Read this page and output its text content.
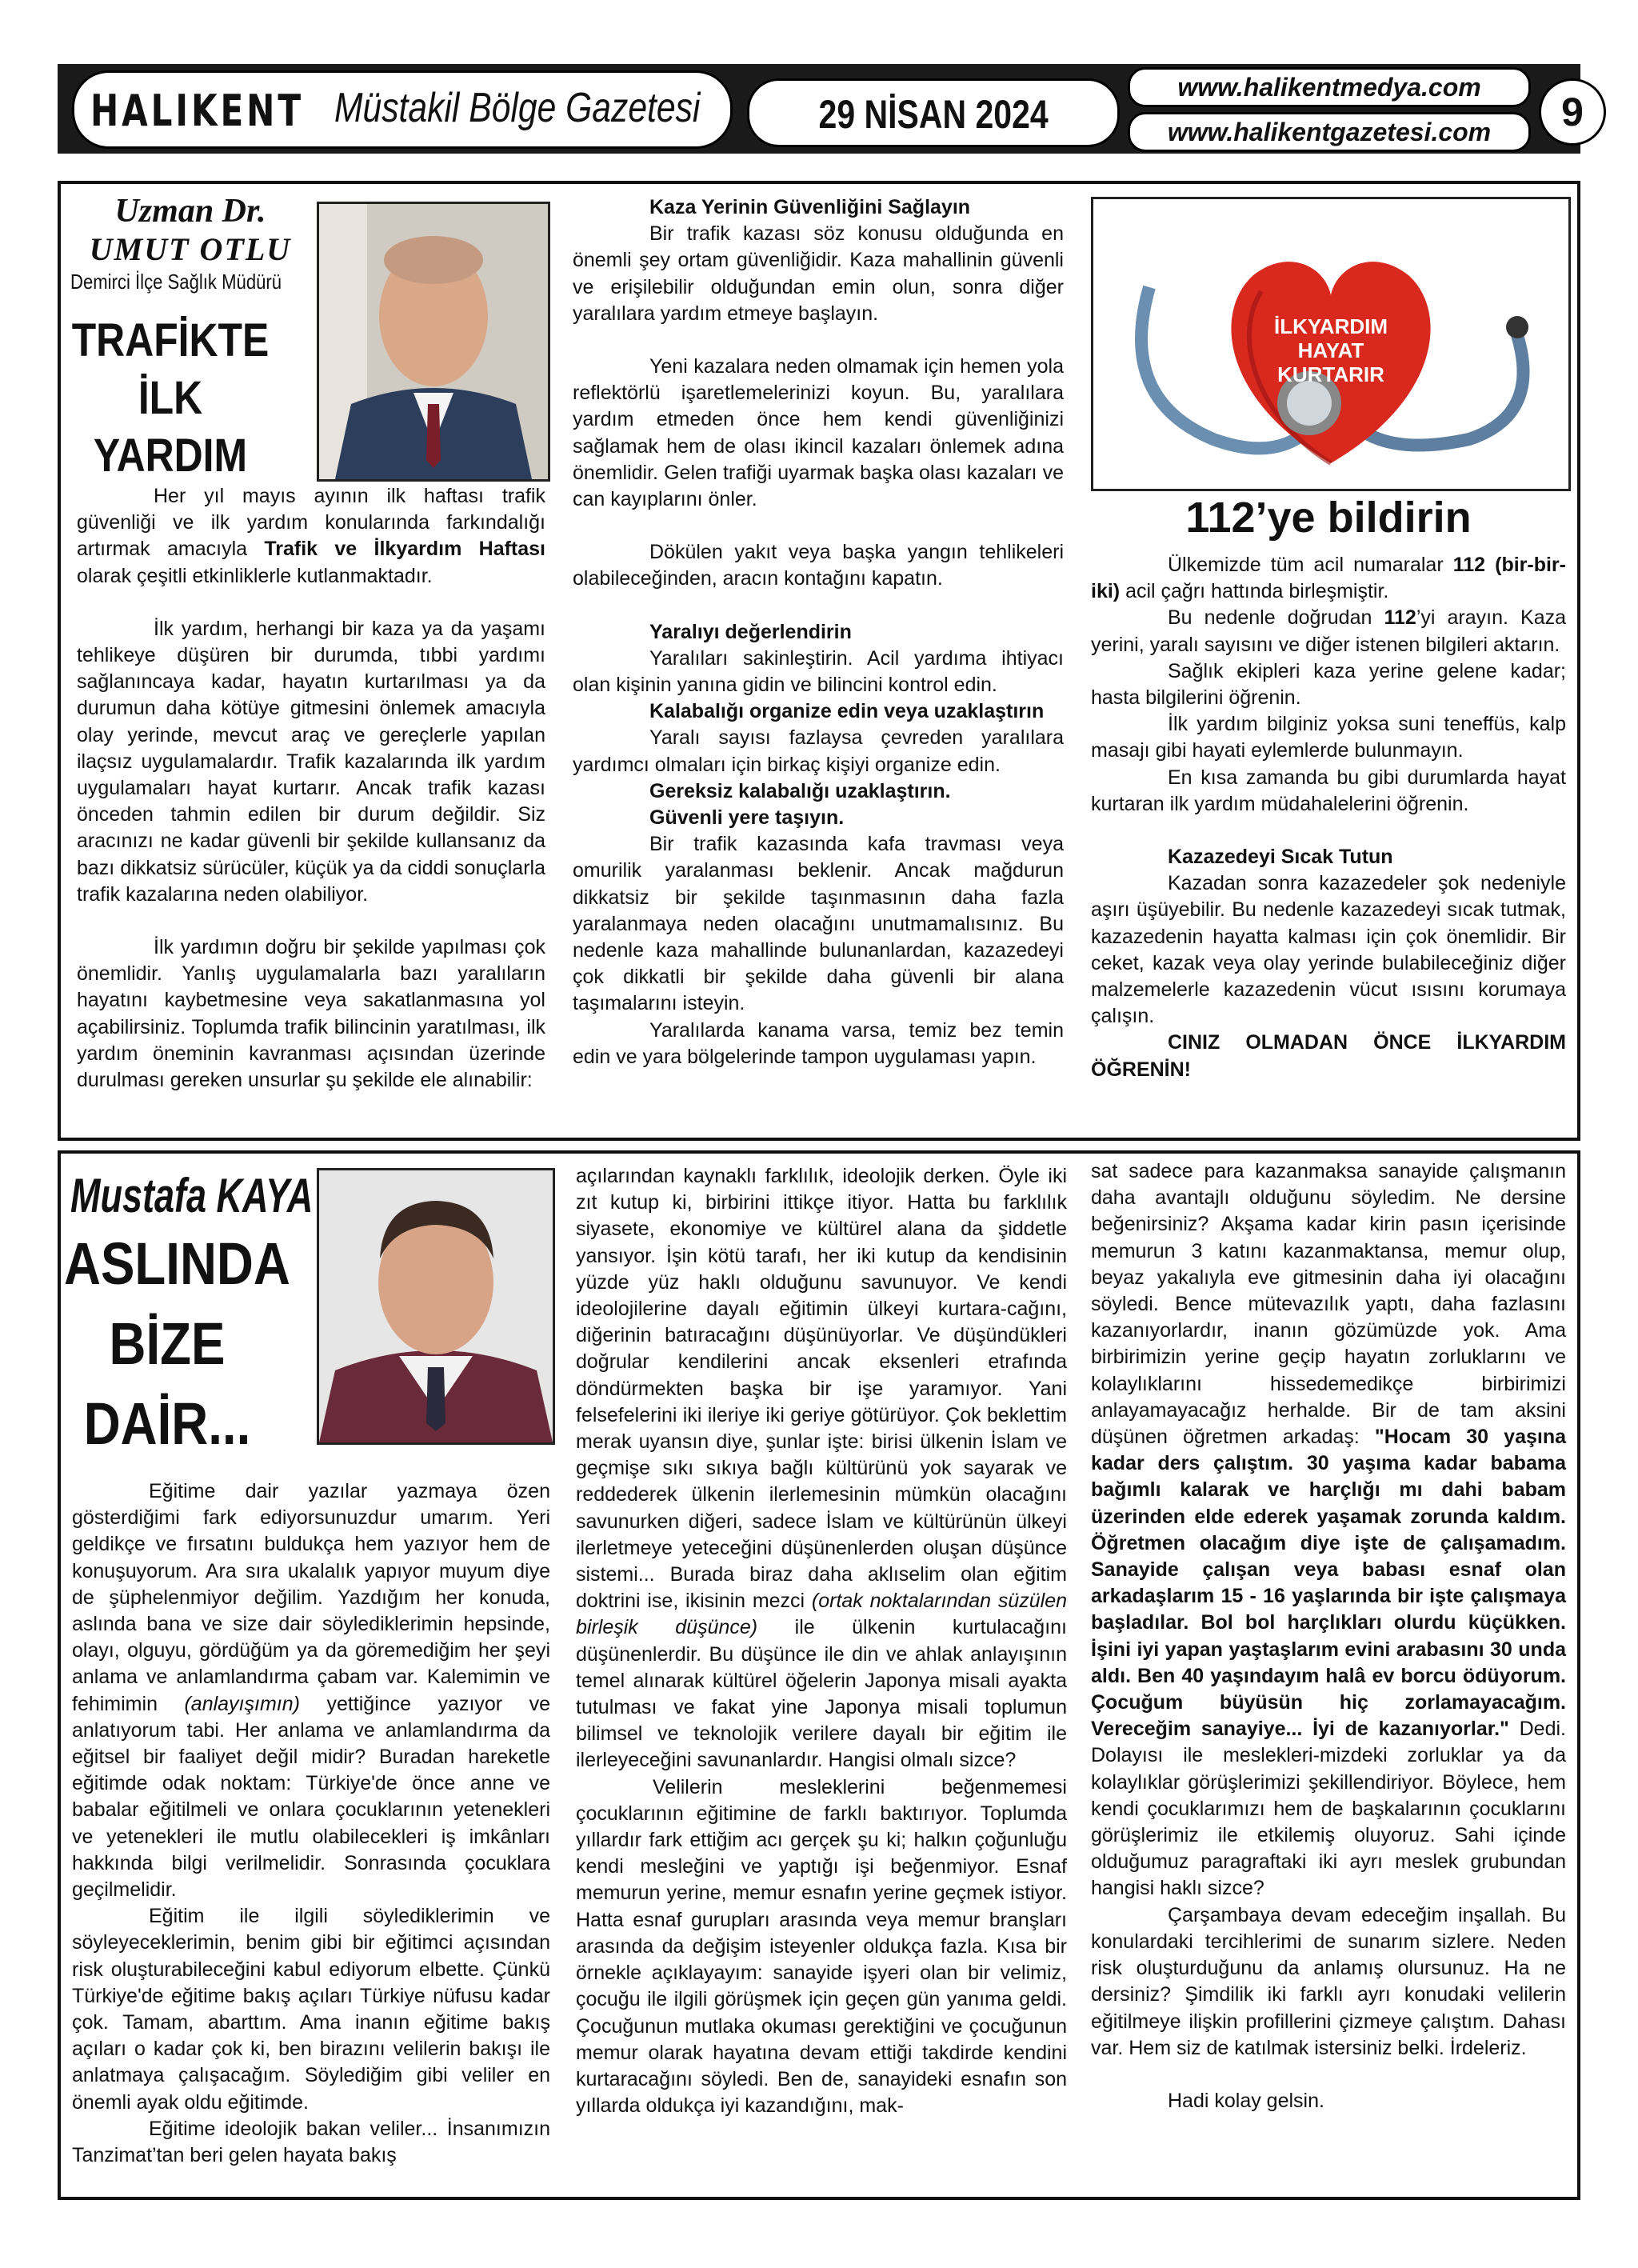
HALIKENT Müstakil Bölge Gazetesi	29 NİSAN 2024
www.halikentmedya.com
www.halikentgazetesi.com	9
Uzman Dr.
UMUT OTLU
Demirci İlçe Sağlık Müdürü
TRAFİKTE
İLK
YARDIM

Her yıl mayıs ayının ilk haftası trafik güvenliği ve ilk yardım konularında farkındalığı artırmak amacıyla Trafik ve İlkyardım Haftası olarak çeşitli etkinliklerle kutlanmaktadır.

İlk yardım, herhangi bir kaza ya da yaşamı tehlikeye düşüren bir durumda, tıbbi yardımı sağlanıncaya kadar, hayatın kurtarılması ya da durumun daha kötüye gitmesini önlemek amacıyla olay yerinde, mevcut araç ve gereçlerle yapılan ilaçsız uygulamalardır. Trafik kazalarında ilk yardım uygulamaları hayat kurtarır. Ancak trafik kazası önceden tahmin edilen bir durum değildir. Siz aracınızı ne kadar güvenli bir şekilde kullansanız da bazı dikkatsiz sürücüler, küçük ya da ciddi sonuçlarla trafik kazalarına neden olabiliyor.

İlk yardımın doğru bir şekilde yapılması çok önemlidir. Yanlış uygulamalarla bazı yaralıların hayatını kaybetmesine veya sakatlanmasına yol açabilirsiniz. Toplumda trafik bilincinin yaratılması, ilk yardım öneminin kavranması açısından üzerinde durulması gereken unsurlar şu şekilde ele alınabilir:

Kaza Yerinin Güvenliğini Sağlayın

Bir trafik kazası söz konusu olduğunda en önemli şey ortam güvenliğidir. Kaza mahallinin güvenli ve erişilebilir olduğundan emin olun, sonra diğer yaralılara yardım etmeye başlayın.

Yeni kazalara neden olmamak için hemen yola reflektörlü işaretlemelerinizi koyun. Bu, yaralılara yardım etmeden önce hem kendi güvenliğinizi sağlamak hem de olası ikincil kazaları önlemek adına önemlidir. Gelen trafiği uyarmak başka olası kazaları ve can kayıplarını önler.

Dökülen yakıt veya başka yangın tehlikeleri olabileceğinden, aracın kontağını kapatın.

Yaralıyı değerlendirin

Yaralıları sakinleştirin. Acil yardıma ihtiyacı olan kişinin yanına gidin ve bilincini kontrol edin.

Kalabalığı organize edin veya uzaklaştırın

Yaralı sayısı fazlaysa çevreden yaralılara yardımcı olmaları için birkaç kişiyi organize edin.

Gereksiz kalabalığı uzaklaştırın.

Güvenli yere taşıyın.

Bir trafik kazasında kafa travması veya omurilik yaralanması beklenir. Ancak mağdurun dikkatsiz bir şekilde taşınmasının daha fazla yaralanmaya neden olacağını unutmamalısınız. Bu nedenle kaza mahallinde bulunanlardan, kazazedeyi çok dikkatli bir şekilde daha güvenli bir alana taşımalarını isteyin.

Yaralılarda kanama varsa, temiz bez temin edin ve yara bölgelerinde tampon uygulaması yapın.

İLKYARDIM
HAYAT
KURTARIR
112’ye bildirin

Ülkemizde tüm acil numaralar 112 (bir-bir-iki) acil çağrı hattında birleşmiştir.

Bu nedenle doğrudan 112’yi arayın. Kaza yerini, yaralı sayısını ve diğer istenen bilgileri aktarın.

Sağlık ekipleri kaza yerine gelene kadar; hasta bilgilerini öğrenin.

İlk yardım bilginiz yoksa suni teneffüs, kalp masajı gibi hayati eylemlerde bulunmayın.

En kısa zamanda bu gibi durumlarda hayat kurtaran ilk yardım müdahalelerini öğrenin.

Kazazedeyi Sıcak Tutun

Kazadan sonra kazazedeler şok nedeniyle aşırı üşüyebilir. Bu nedenle kazazedeyi sıcak tutmak, kazazedenin hayatta kalması için çok önemlidir. Bir ceket, kazak veya olay yerinde bulabileceğiniz diğer malzemelerle kazazedenin vücut ısısını korumaya çalışın.

CINIZ OLMADAN ÖNCE İLKYARDIM ÖĞRENİN!

Mustafa KAYA
ASLINDA
BİZE
DAİR...

Eğitime dair yazılar yazmaya özen gösterdiğimi fark ediyorsunuzdur umarım. Yeri geldikçe ve fırsatını buldukça hem yazıyor hem de konuşuyorum. Ara sıra ukalalık yapıyor muyum diye de şüphelenmiyor değilim. Yazdığım her konuda, aslında bana ve size dair söylediklerimin hepsinde, olayı, olguyu, gördüğüm ya da göremediğim her şeyi anlama ve anlamlandırma çabam var. Kalemimin ve fehimimin (anlayışımın) yettiğince yazıyor ve anlatıyorum tabi. Her anlama ve anlamlandırma da eğitsel bir faaliyet değil midir? Buradan hareketle eğitimde odak noktam: Türkiye'de önce anne ve babalar eğitilmeli ve onlara çocuklarının yetenekleri ve yetenekleri ile mutlu olabilecekleri iş imkânları hakkında bilgi verilmelidir. Sonrasında çocuklara geçilmelidir.

Eğitim ile ilgili söylediklerimin ve söyleyeceklerimin, benim gibi bir eğitimci açısından risk oluşturabileceğini kabul ediyorum elbette. Çünkü Türkiye'de eğitime bakış açıları Türkiye nüfusu kadar çok. Tamam, abarttım. Ama inanın eğitime bakış açıları o kadar çok ki, ben birazını velilerin bakışı ile anlatmaya çalışacağım. Söylediğim gibi veliler en önemli ayak oldu eğitimde.

Eğitime ideolojik bakan veliler... İnsanımızın Tanzimat’tan beri gelen hayata bakış

açılarından kaynaklı farklılık, ideolojik derken. Öyle iki zıt kutup ki, birbirini ittikçe itiyor. Hatta bu farklılık siyasete, ekonomiye ve kültürel alana da şiddetle yansıyor. İşin kötü tarafı, her iki kutup da kendisinin yüzde yüz haklı olduğunu savunuyor. Ve kendi ideolojilerine dayalı eğitimin ülkeyi kurtara-cağını, diğerinin batıracağını düşünüyorlar. Ve düşündükleri doğrular kendilerini ancak eksenleri etrafında döndürmekten başka bir işe yaramıyor. Yani felsefelerini iki ileriye iki geriye götürüyor. Çok beklettim merak uyansın diye, şunlar işte: birisi ülkenin İslam ve geçmişe sıkı sıkıya bağlı kültürünü yok sayarak ve reddederek ülkenin ilerlemesinin mümkün olacağını savunurken diğeri, sadece İslam ve kültürünün ülkeyi ilerletmeye yeteceğini düşünenlerden oluşan düşünce sistemi... Burada biraz daha aklıselim olan eğitim doktrini ise, ikisinin mezci (ortak noktalarından süzülen birleşik düşünce) ile ülkenin kurtulacağını düşünenlerdir. Bu düşünce ile din ve ahlak anlayışının temel alınarak kültürel öğelerin Japonya misali ayakta tutulması ve fakat yine Japonya misali toplumun bilimsel ve teknolojik verilere dayalı bir eğitim ile ilerleyeceğini savunanlardır. Hangisi olmalı sizce?

Velilerin mesleklerini beğenmemesi çocuklarının eğitimine de farklı baktırıyor. Toplumda yıllardır fark ettiğim acı gerçek şu ki; halkın çoğunluğu kendi mesleğini ve yaptığı işi beğenmiyor. Esnaf memurun yerine, memur esnafın yerine geçmek istiyor. Hatta esnaf gurupları arasında veya memur branşları arasında da değişim isteyenler oldukça fazla. Kısa bir örnekle açıklayayım: sanayide işyeri olan bir velimiz, çocuğu ile ilgili görüşmek için geçen gün yanıma geldi. Çocuğunun mutlaka okuması gerektiğini ve çocuğunun memur olarak hayatına devam ettiği takdirde kendini kurtaracağını söyledi. Ben de, sanayideki esnafın son yıllarda oldukça iyi kazandığını, mak-

sat sadece para kazanmaksa sanayide çalışmanın daha avantajlı olduğunu söyledim. Ne dersine beğenirsiniz? Akşama kadar kirin pasın içerisinde memurun 3 katını kazanmaktansa, memur olup, beyaz yakalıyla eve gitmesinin daha iyi olacağını söyledi. Bence mütevazılık yaptı, daha fazlasını kazanıyorlardır, inanın gözümüzde yok. Ama birbirimizin yerine geçip hayatın zorluklarını ve kolaylıklarını hissedemedikçe birbirimizi anlayamayacağız herhalde. Bir de tam aksini düşünen öğretmen arkadaş: "Hocam 30 yaşına kadar ders çalıştım. 30 yaşıma kadar babama bağımlı kalarak ve harçlığı mı dahi babam üzerinden elde ederek yaşamak zorunda kaldım. Öğretmen olacağım diye işte de çalışamadım. Sanayide çalışan veya babası esnaf olan arkadaşlarım 15 - 16 yaşlarında bir işte çalışmaya başladılar. Bol bol harçlıkları olurdu küçükken. İşini iyi yapan yaştaşlarım evini arabasını 30 unda aldı. Ben 40 yaşındayım halâ ev borcu ödüyorum. Çocuğum büyüsün hiç zorlamayacağım. Vereceğim sanayiye... İyi de kazanıyorlar." Dedi. Dolayısı ile meslekleri-mizdeki zorluklar ya da kolaylıklar görüşlerimizi şekillendiriyor. Böylece, hem kendi çocuklarımızı hem de başkalarının çocuklarını görüşlerimiz ile etkilemiş oluyoruz. Sahi içinde olduğumuz paragraftaki iki ayrı meslek grubundan hangisi haklı sizce?

Çarşambaya devam edeceğim inşallah. Bu konulardaki tercihlerimi de sunarım sizlere. Neden risk oluşturduğunu da anlamış olursunuz. Ha ne dersiniz? Şimdilik iki farklı ayrı konudaki velilerin eğitilmeye ilişkin profillerini çizmeye çalıştım. Dahası var. Hem siz de katılmak istersiniz belki. İrdeleriz.

Hadi kolay gelsin.
